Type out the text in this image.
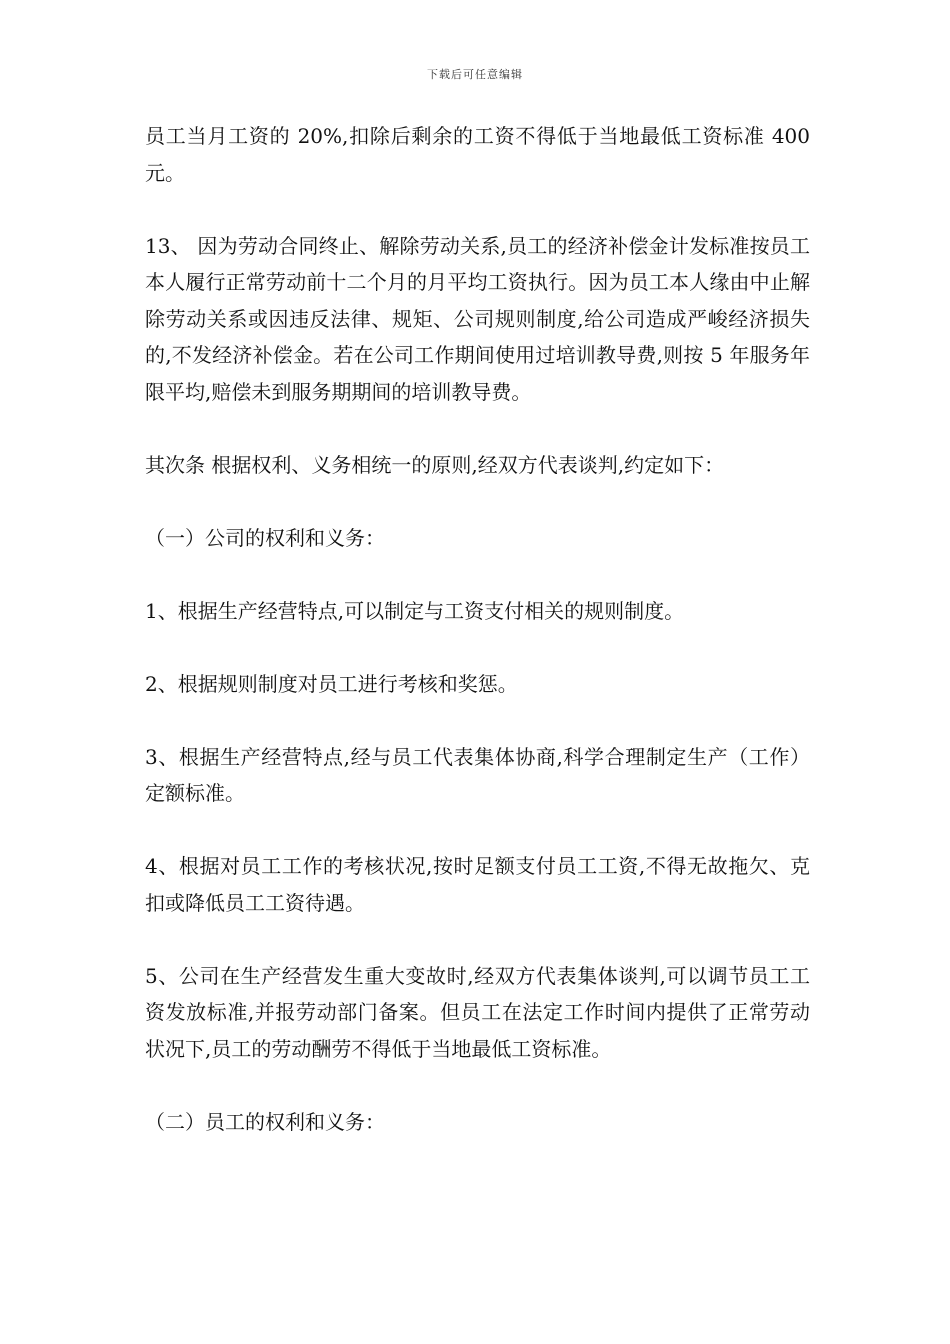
下载后可任意编辑

员工当月工资的 20%,扣除后剩余的工资不得低于当地最低工资标准 400 元。

13、 因为劳动合同终止、解除劳动关系,员工的经济补偿金计发标准按员工本人履行正常劳动前十二个月的月平均工资执行。因为员工本人缘由中止解除劳动关系或因违反法律、规矩、公司规则制度,给公司造成严峻经济损失的,不发经济补偿金。若在公司工作期间使用过培训教导费,则按 5 年服务年限平均,赔偿未到服务期期间的培训教导费。

其次条 根据权利、义务相统一的原则,经双方代表谈判,约定如下：

（一）公司的权利和义务：

1、根据生产经营特点,可以制定与工资支付相关的规则制度。

2、根据规则制度对员工进行考核和奖惩。

3、根据生产经营特点,经与员工代表集体协商,科学合理制定生产（工作）定额标准。

4、根据对员工工作的考核状况,按时足额支付员工工资,不得无故拖欠、克扣或降低员工工资待遇。

5、公司在生产经营发生重大变故时,经双方代表集体谈判,可以调节员工工资发放标准,并报劳动部门备案。但员工在法定工作时间内提供了正常劳动状况下,员工的劳动酬劳不得低于当地最低工资标准。

（二）员工的权利和义务：
